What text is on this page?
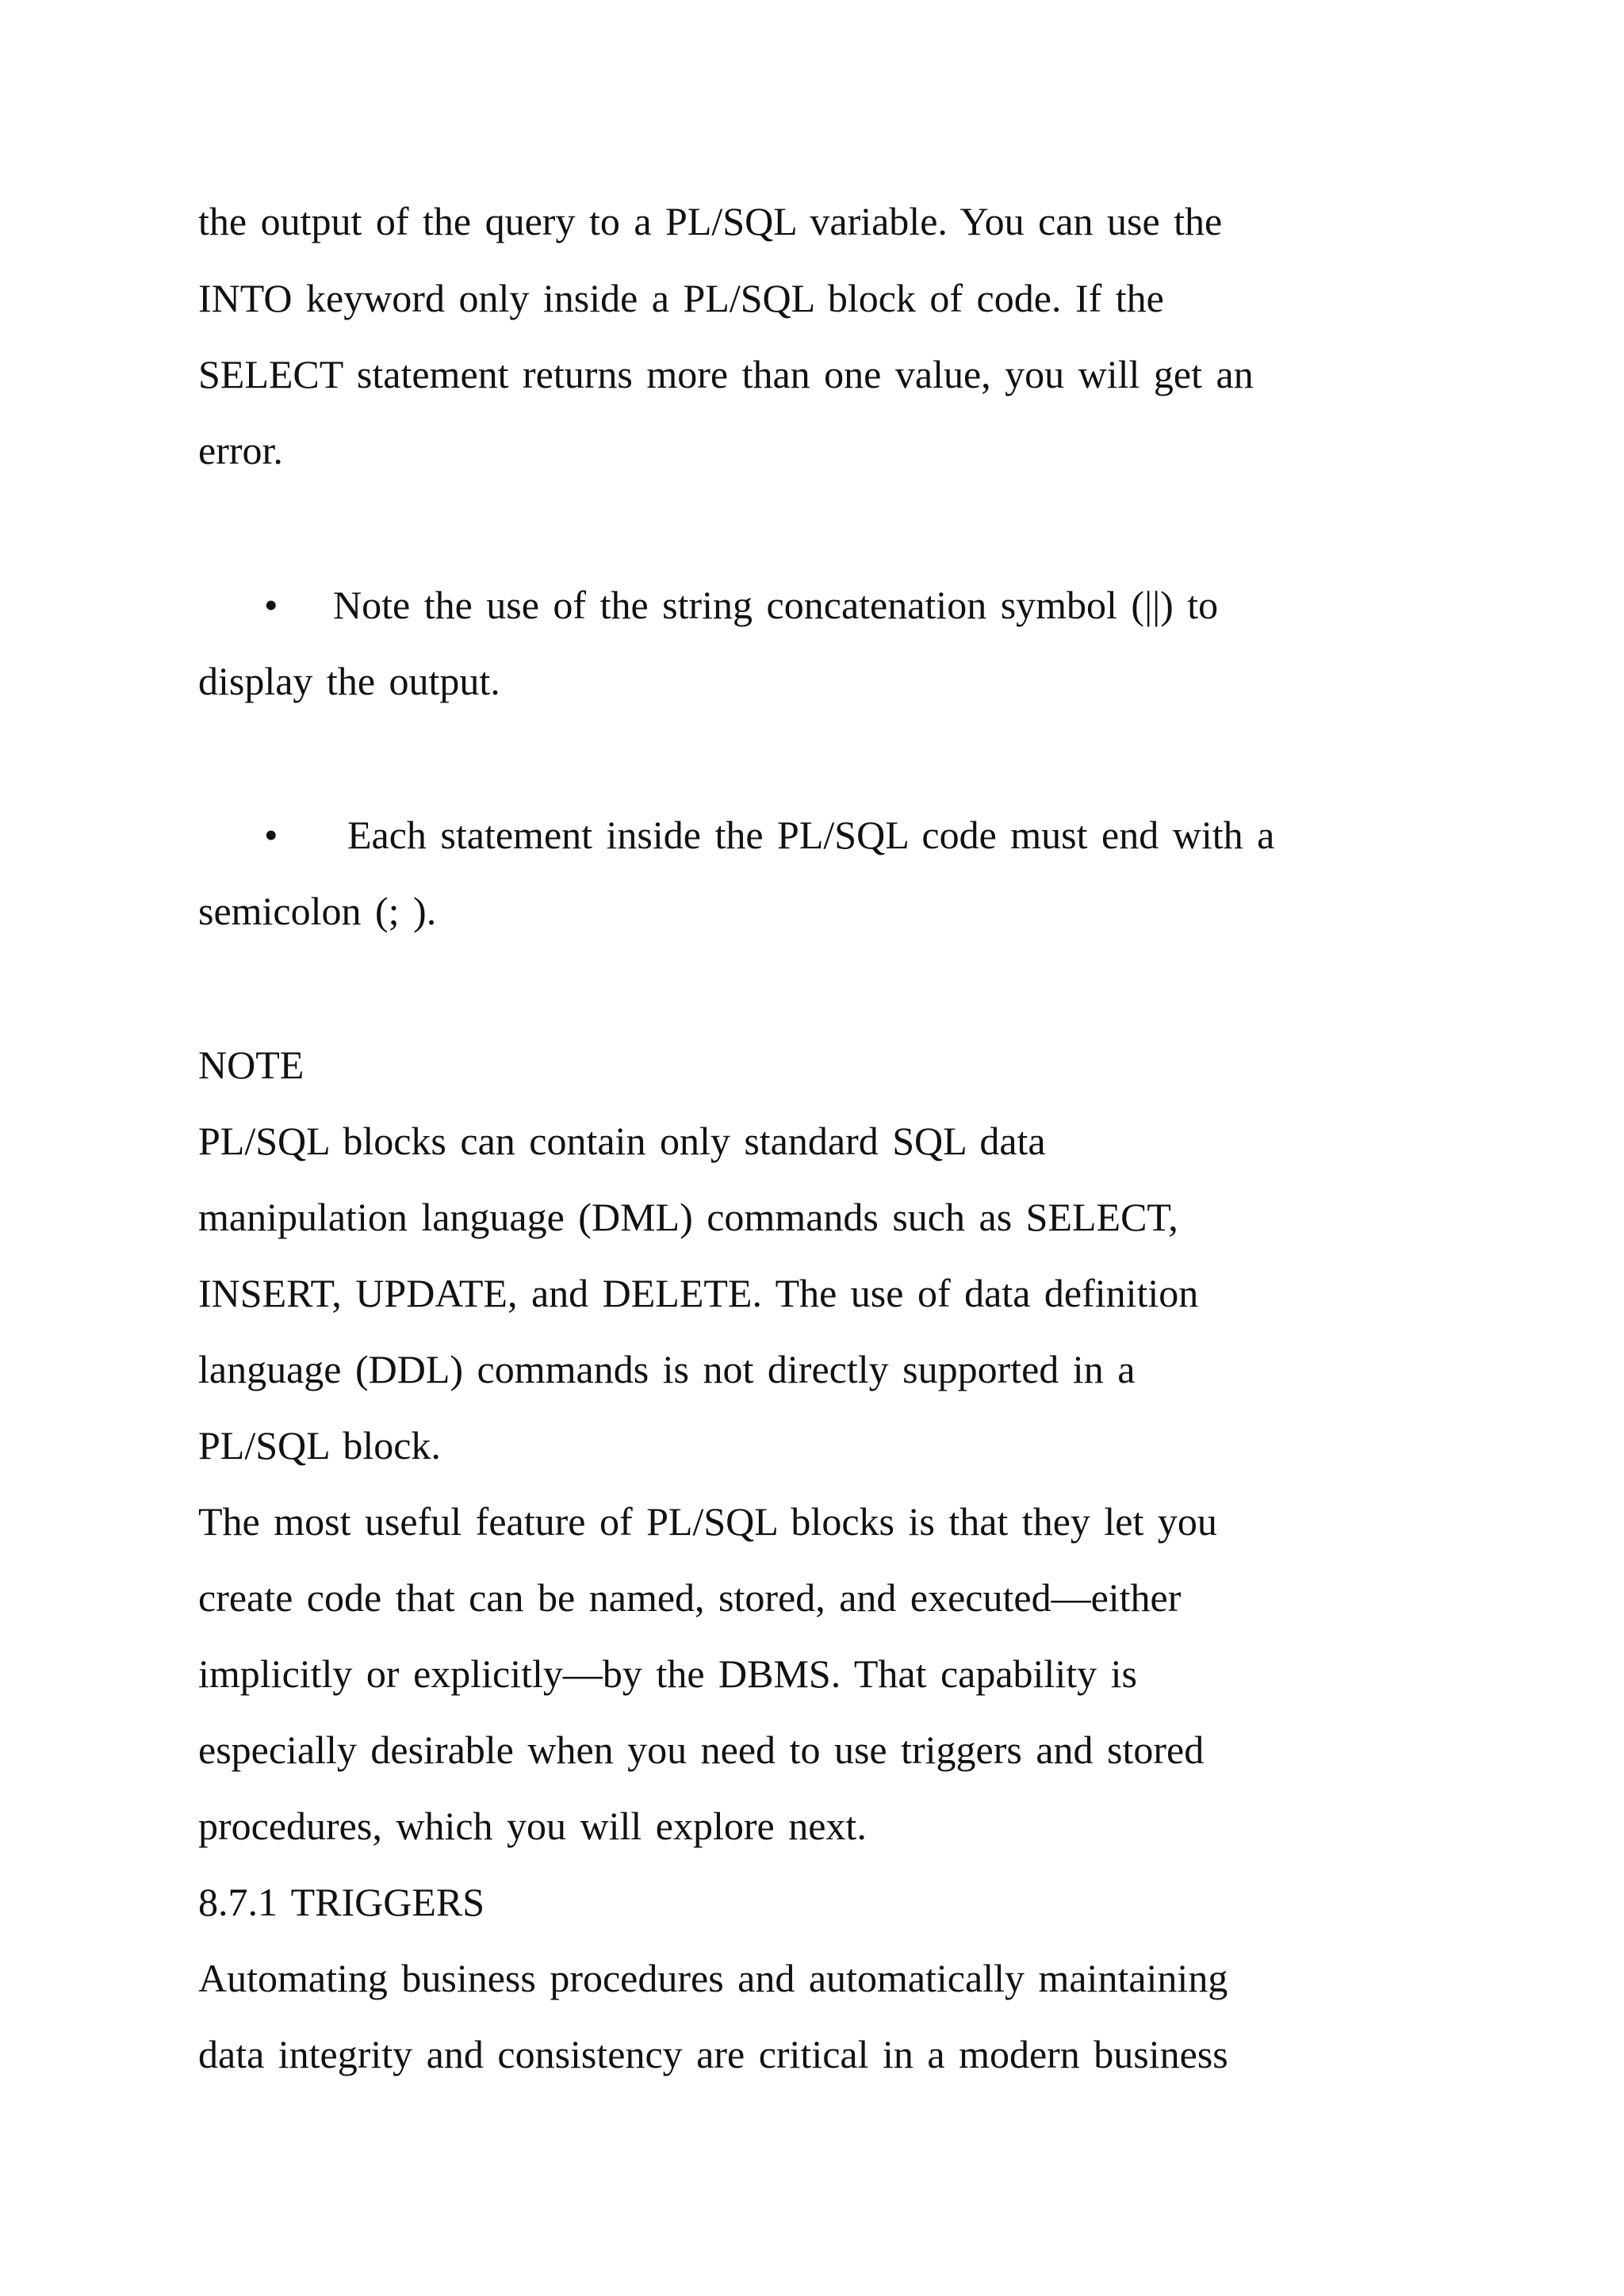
the output of the query to a PL/SQL variable. You can use the
INTO keyword only inside a PL/SQL block of code. If the
SELECT statement returns more than one value, you will get an
error.
• Note the use of the string concatenation symbol (||) to
display the output.
• Each statement inside the PL/SQL code must end with a
semicolon (; ).
NOTE
PL/SQL blocks can contain only standard SQL data
manipulation language (DML) commands such as SELECT,
INSERT, UPDATE, and DELETE. The use of data definition
language (DDL) commands is not directly supported in a
PL/SQL block.
The most useful feature of PL/SQL blocks is that they let you
create code that can be named, stored, and executed—either
implicitly or explicitly—by the DBMS. That capability is
especially desirable when you need to use triggers and stored
procedures, which you will explore next.
8.7.1 TRIGGERS
Automating business procedures and automatically maintaining
data integrity and consistency are critical in a modern business
